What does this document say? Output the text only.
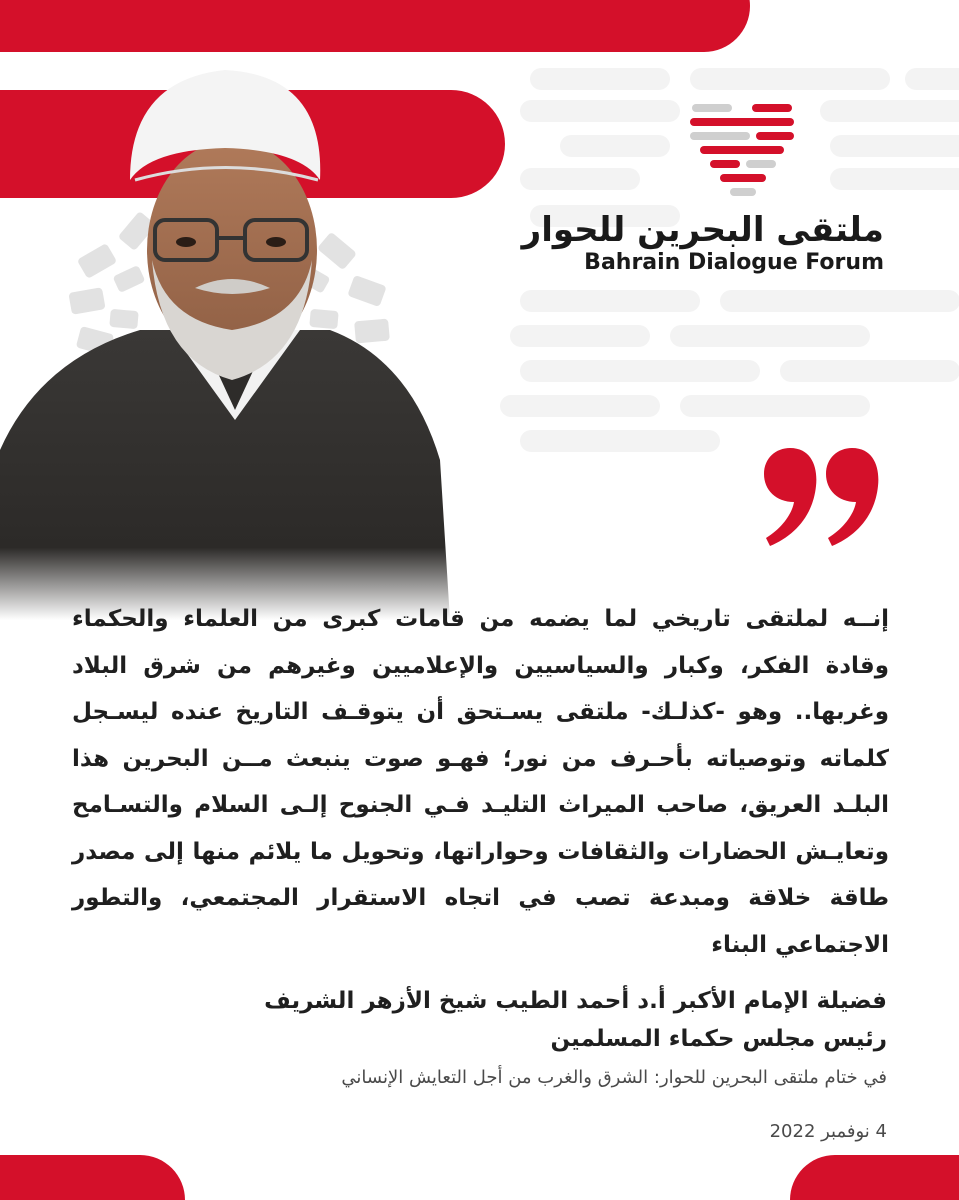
ملتقى البحرين للحوار
Bahrain Dialogue Forum
إنــه لملتقى تاريخي لما يضمه من قامات كبرى من العلماء والحكماء وقادة الفكر، وكبار والسياسيين والإعلاميين وغيرهم من شرق البلاد وغربها.. وهو -كذلـك- ملتقى يسـتحق أن يتوقـف التاريخ عنده ليسـجل كلماته وتوصياته بأحـرف من نور؛ فهـو صوت ينبعث مــن البحرين هذا البلـد العريق، صاحب الميراث التليـد فـي الجنوح إلـى السلام والتسـامح وتعايـش الحضارات والثقافات وحواراتها، وتحويل ما يلائم منها إلى مصدر طاقة خلاقة ومبدعة تصب في اتجاه الاستقرار المجتمعي، والتطور الاجتماعي البناء
فضيلة الإمام الأكبر أ.د أحمد الطيب شيخ الأزهر الشريف
رئيس مجلس حكماء المسلمين
في ختام ملتقى البحرين للحوار: الشرق والغرب من أجل التعايش الإنساني
4 نوفمبر 2022
